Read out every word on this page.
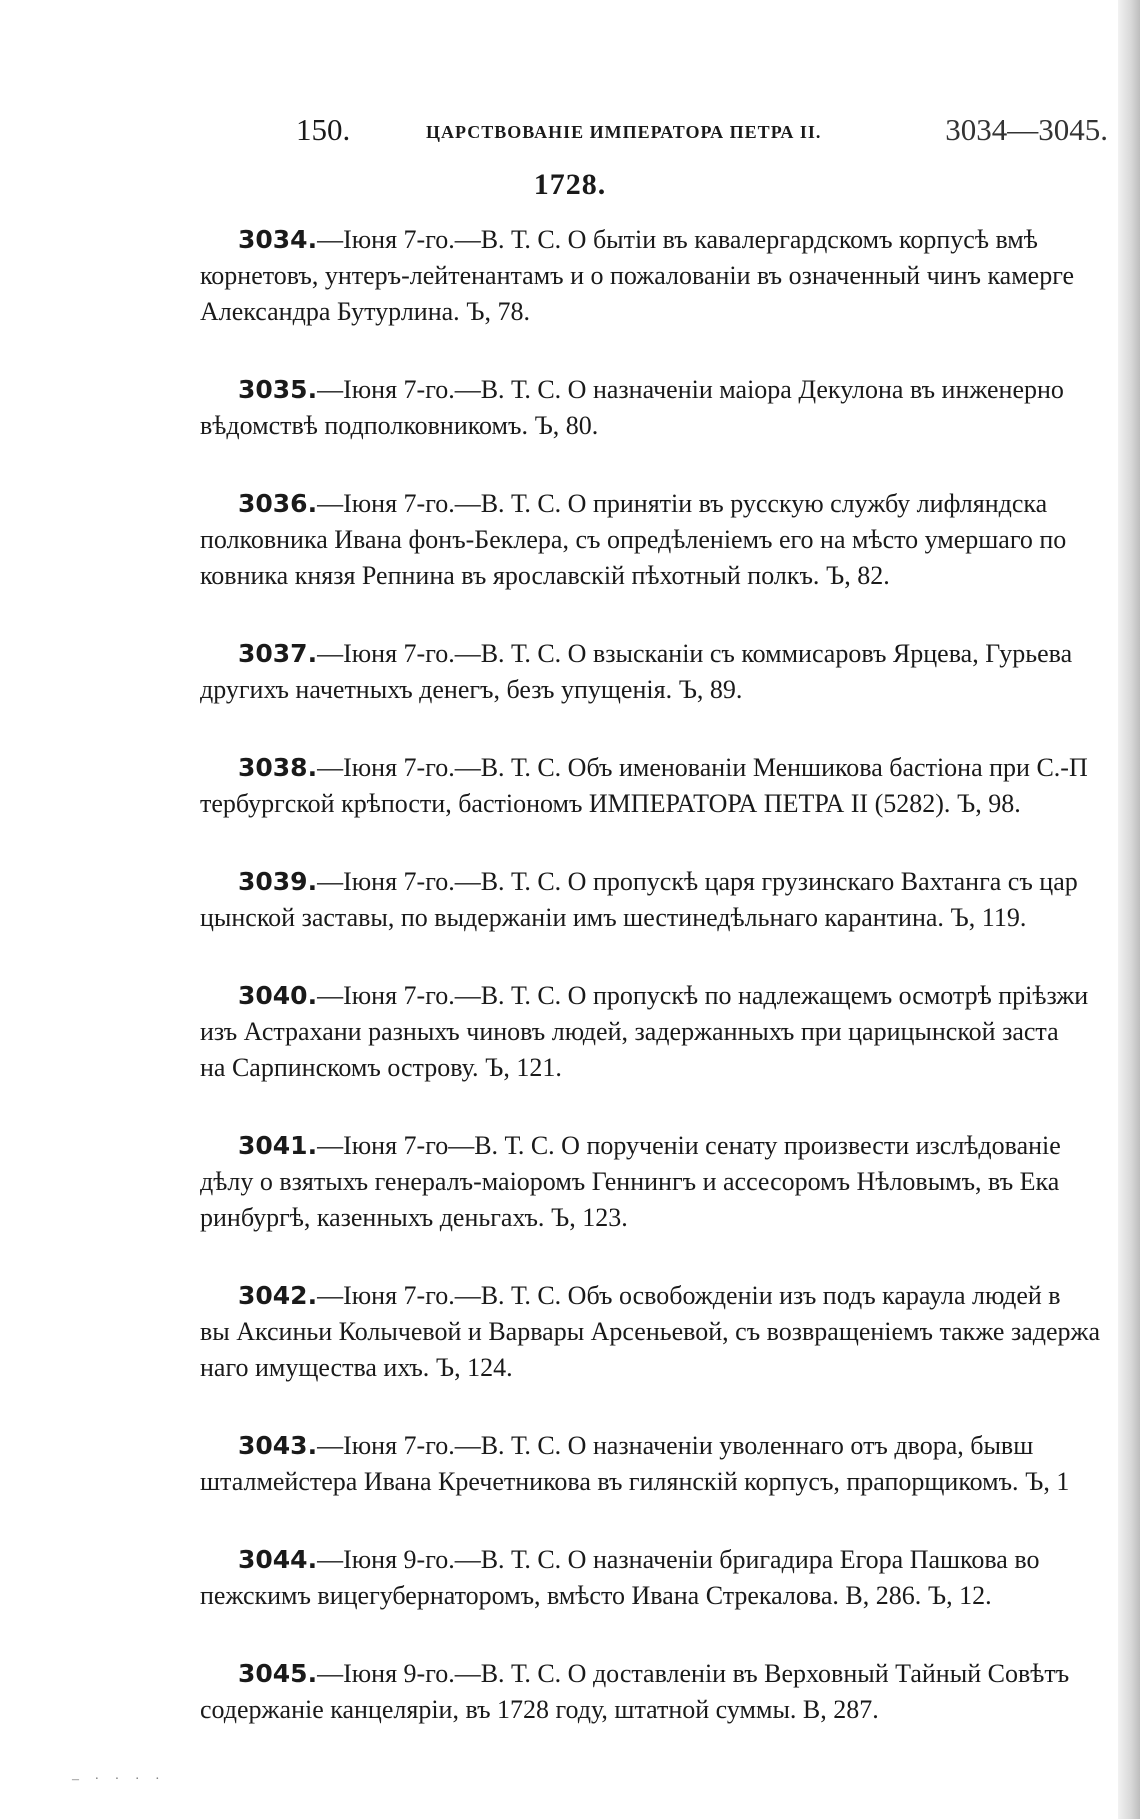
150.	ЦАРСТВОВАНІЕ ИМПЕРАТОРА ПЕТРА II.	3034—3045.
1728.
3034.—Іюня 7-го.—В. Т. С. О бытіи въ кавалергардскомъ корпусѣ вмѣ
корнетовъ, унтеръ-лейтенантамъ и о пожалованіи въ означенный чинъ камерге
Александра Бутурлина. Ъ, 78.
3035.—Іюня 7-го.—В. Т. С. О назначеніи маіора Декулона въ инженерно
вѣдомствѣ подполковникомъ. Ъ, 80.
3036.—Іюня 7-го.—В. Т. С. О принятіи въ русскую службу лифляндска
полковника Ивана фонъ-Беклера, съ опредѣленіемъ его на мѣсто умершаго по
ковника князя Репнина въ ярославскій пѣхотный полкъ. Ъ, 82.
3037.—Іюня 7-го.—В. Т. С. О взысканіи съ коммисаровъ Ярцева, Гурьева
другихъ начетныхъ денегъ, безъ упущенія. Ъ, 89.
3038.—Іюня 7-го.—В. Т. С. Объ именованіи Меншикова бастіона при С.-П
тербургской крѣпости, бастіономъ ИМПЕРАТОРА ПЕТРА II (5282). Ъ, 98.
3039.—Іюня 7-го.—В. Т. С. О пропускѣ царя грузинскаго Вахтанга съ цар
цынской заставы, по выдержаніи имъ шестинедѣльнаго карантина. Ъ, 119.
3040.—Іюня 7-го.—В. Т. С. О пропускѣ по надлежащемъ осмотрѣ пріѣзжи
изъ Астрахани разныхъ чиновъ людей, задержанныхъ при царицынской заста
на Сарпинскомъ острову. Ъ, 121.
3041.—Іюня 7-го—В. Т. С. О порученіи сенату произвести изслѣдованіе
дѣлу о взятыхъ генералъ-маіоромъ Геннингъ и ассесоромъ Нѣловымъ, въ Ека
ринбургѣ, казенныхъ деньгахъ. Ъ, 123.
3042.—Іюня 7-го.—В. Т. С. Объ освобожденіи изъ подъ караула людей в
вы Аксиньи Колычевой и Варвары Арсеньевой, съ возвращеніемъ также задержа
наго имущества ихъ. Ъ, 124.
3043.—Іюня 7-го.—В. Т. С. О назначеніи уволеннаго отъ двора, бывш
шталмейстера Ивана Кречетникова въ гилянскій корпусъ, прапорщикомъ. Ъ, 1
3044.—Іюня 9-го.—В. Т. С. О назначеніи бригадира Егора Пашкова во
пежскимъ вицегубернаторомъ, вмѣсто Ивана Стрекалова. В, 286. Ъ, 12.
3045.—Іюня 9-го.—В. Т. С. О доставленіи въ Верховный Тайный Совѣтъ
содержаніе канцеляріи, въ 1728 году, штатной суммы. В, 287.
– · · · ·
